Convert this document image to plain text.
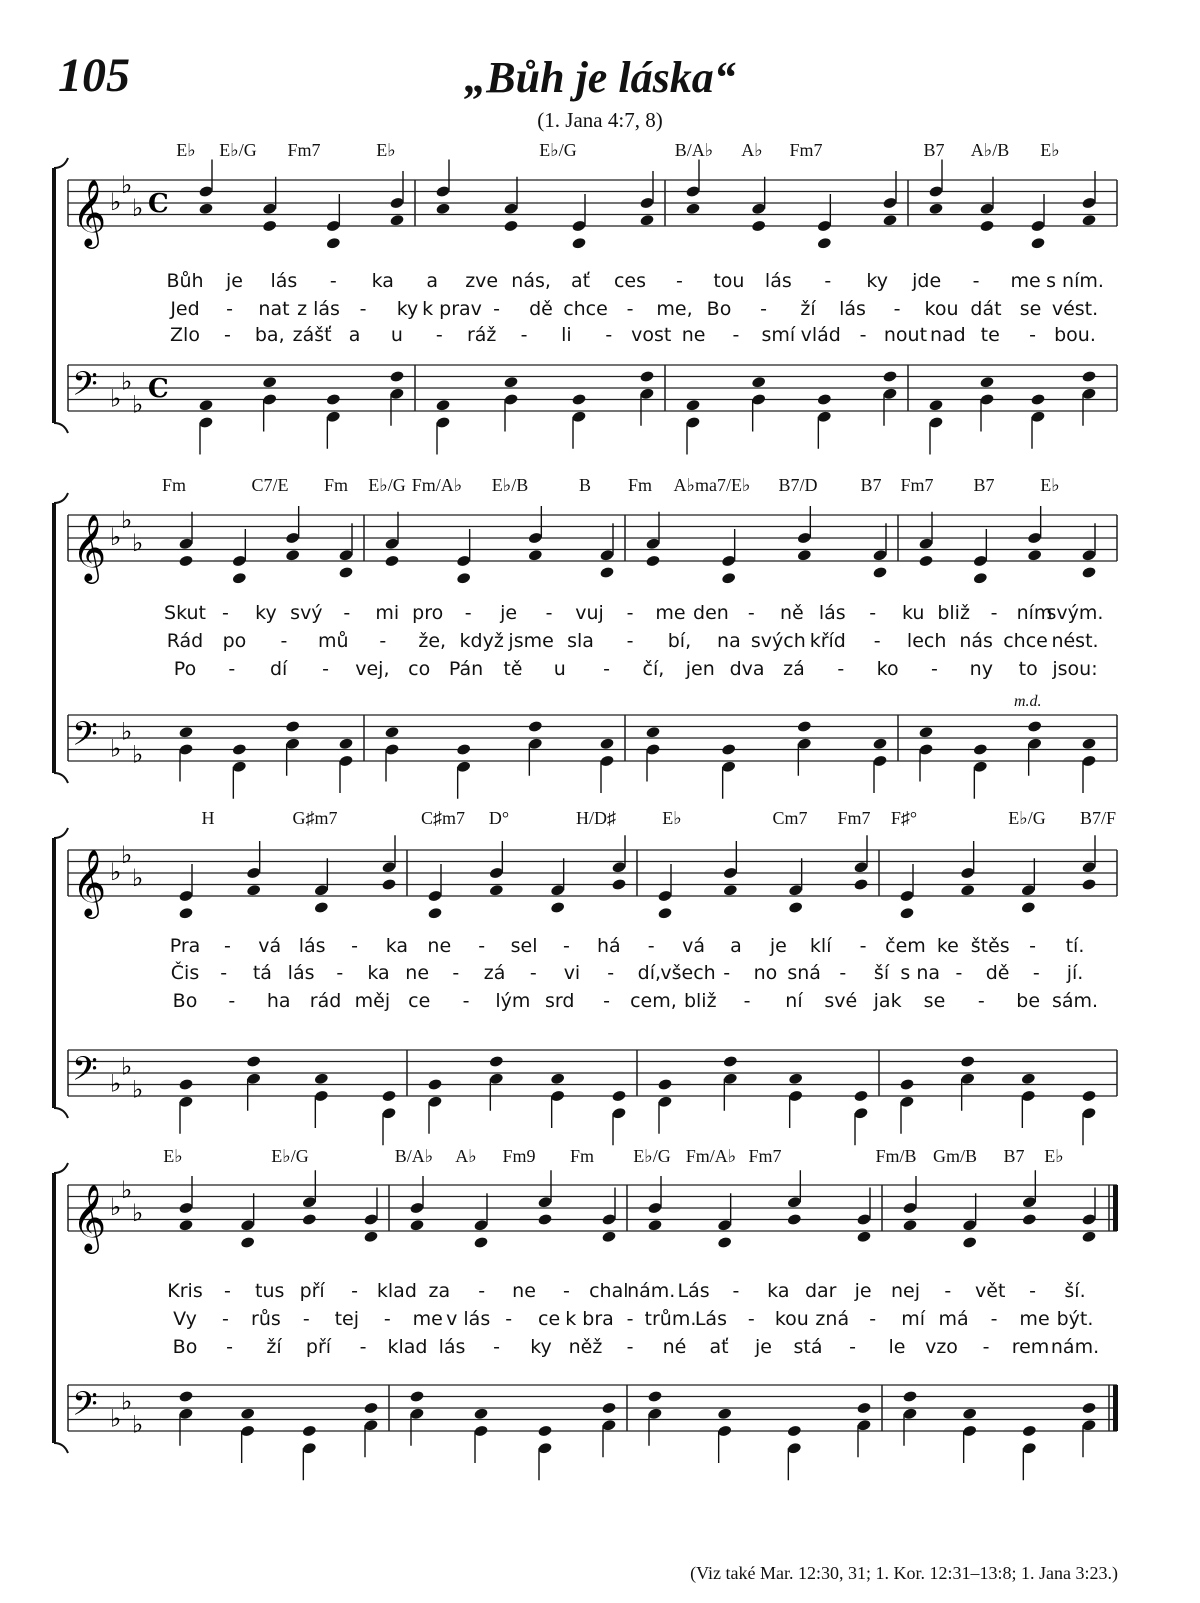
105	„Bůh je láska“
(1. Jana 4:7, 8)
𝄞 ♭
♭
♭ C
𝄢 ♭
♭
♭
C
𝄞 ♭
♭
♭
𝄢 ♭
♭
♭
𝄞 ♭
♭
♭
𝄢 ♭
♭
♭
𝄞 ♭
♭
♭
𝄢 ♭
♭
♭
E♭ E♭/G Fm7	E♭	E♭/G	B/A♭ A♭ Fm7	B7 A♭/B E♭
Fm	C7/E Fm E♭/G Fm/A♭ E♭/B	B Fm A♭ma7/E♭ B7/D B7 Fm7 B7	E♭
H	G♯m7	C♯m7 D°	H/D♯	E♭	Cm7 Fm7 F♯°	E♭/G B7/F
E♭	E♭/G	B/A♭ A♭ Fm9 Fm E♭/G Fm/A♭ Fm7	Fm/B Gm/B B7 E♭
Bůh je lás - ka a zve nás, ať ces - tou lás - ky jde - me s ním.
Jed - nat z lás - ky k prav - dě chce - me, Bo - ží lás - kou dát se vést.
Zlo - ba, zášť a u - ráž - li - vost ne - smí vlád - nout nad te - bou.
Skut - ky svý - mi pro - je - vuj - me den - ně lás - ku bliž - ním
svým.
Rád po - mů - že, když jsme sla - bí, na svých kříd - lech nás chce nést.
Po - dí - vej, co Pán tě u - čí, jen dva zá - ko - ny to jsou:
Pra - vá lás - ka ne - sel - há - vá a je klí - čem ke štěs - tí.
Čis - tá lás - ka ne - zá - vi - dí, všech - no sná - ší s na - dě - jí.
Bo - ha rád měj ce - lým srd - cem, bliž - ní své jak se - be sám.
Kris - tus pří - klad za - ne - chal
nám. Lás - ka dar je nej - vět - ší.
Vy - růs - tej - me v lás - ce k bra - trům.
Lás - kou zná - mí má - me být.
Bo - ží pří - klad lás - ky něž - né ať je stá - le vzo - rem nám.
m.d.
(Viz také Mar. 12:30, 31; 1. Kor. 12:31–13:8; 1. Jana 3:23.)
